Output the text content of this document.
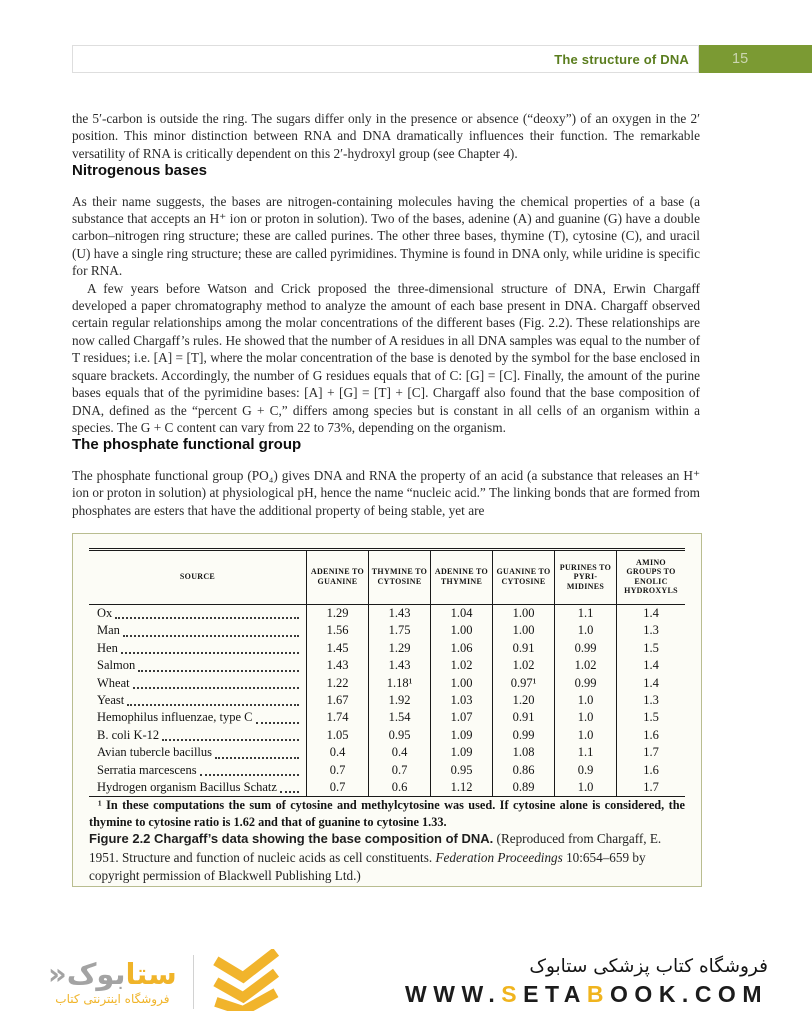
The structure of DNA	15

the 5′-carbon is outside the ring. The sugars differ only in the presence or absence (“deoxy”) of an oxygen in the 2′ position. This minor distinction between RNA and DNA dramatically influences their function. The remarkable versatility of RNA is critically dependent on this 2′-hydroxyl group (see Chapter 4).

Nitrogenous bases

As their name suggests, the bases are nitrogen-containing molecules having the chemical properties of a base (a substance that accepts an H⁺ ion or proton in solution). Two of the bases, adenine (A) and guanine (G) have a double carbon–nitrogen ring structure; these are called purines. The other three bases, thymine (T), cytosine (C), and uracil (U) have a single ring structure; these are called pyrimidines. Thymine is found in DNA only, while uridine is specific for RNA.

A few years before Watson and Crick proposed the three-dimensional structure of DNA, Erwin Chargaff developed a paper chromatography method to analyze the amount of each base present in DNA. Chargaff observed certain regular relationships among the molar concentrations of the different bases (Fig. 2.2). These relationships are now called Chargaff’s rules. He showed that the number of A residues in all DNA samples was equal to the number of T residues; i.e. [A] = [T], where the molar concentration of the base is denoted by the symbol for the base enclosed in square brackets. Accordingly, the number of G residues equals that of C: [G] = [C]. Finally, the amount of the purine bases equals that of the pyrimidine bases: [A] + [G] = [T] + [C]. Chargaff also found that the base composition of DNA, defined as the “percent G + C,” differs among species but is constant in all cells of an organism within a species. The G + C content can vary from 22 to 73%, depending on the organism.

The phosphate functional group

The phosphate functional group (PO₄) gives DNA and RNA the property of an acid (a substance that releases an H⁺ ion or proton in solution) at physiological pH, hence the name “nucleic acid.” The linking bonds that are formed from phosphates are esters that have the additional property of being stable, yet are

SOURCE	ADENINE TO GUANINE	THYMINE TO CYTOSINE	ADENINE TO THYMINE	GUANINE TO CYTOSINE	PURINES TO PYRI- MIDINES	AMINO GROUPS TO ENOLIC HYDROXYLS

Ox	1.29	1.43	1.04	1.00	1.1	1.4

Man	1.56	1.75	1.00	1.00	1.0	1.3

Hen	1.45	1.29	1.06	0.91	0.99	1.5

Salmon	1.43	1.43	1.02	1.02	1.02	1.4

Wheat	1.22	1.18¹	1.00	0.97¹	0.99	1.4

Yeast	1.67	1.92	1.03	1.20	1.0	1.3

Hemophilus influenzae, type C	1.74	1.54	1.07	0.91	1.0	1.5

B. coli K-12	1.05	0.95	1.09	0.99	1.0	1.6

Avian tubercle bacillus	0.4	0.4	1.09	1.08	1.1	1.7

Serratia marcescens	0.7	0.7	0.95	0.86	0.9	1.6

Hydrogen organism Bacillus Schatz	0.7	0.6	1.12	0.89	1.0	1.7

¹ In these computations the sum of cytosine and methylcytosine was used. If cytosine alone is considered, the thymine to cytosine ratio is 1.62 and that of guanine to cytosine 1.33.

Figure 2.2 Chargaff’s data showing the base composition of DNA. (Reproduced from Chargaff, E. 1951. Structure and function of nucleic acids as cell constituents. Federation Proceedings 10:654–659 by copyright permission of Blackwell Publishing Ltd.)

ستابوک«
فروشگاه اینترنتی کتاب
فروشگاه کتاب پزشکی ستابوک
WWW.SETABOOK.COM
